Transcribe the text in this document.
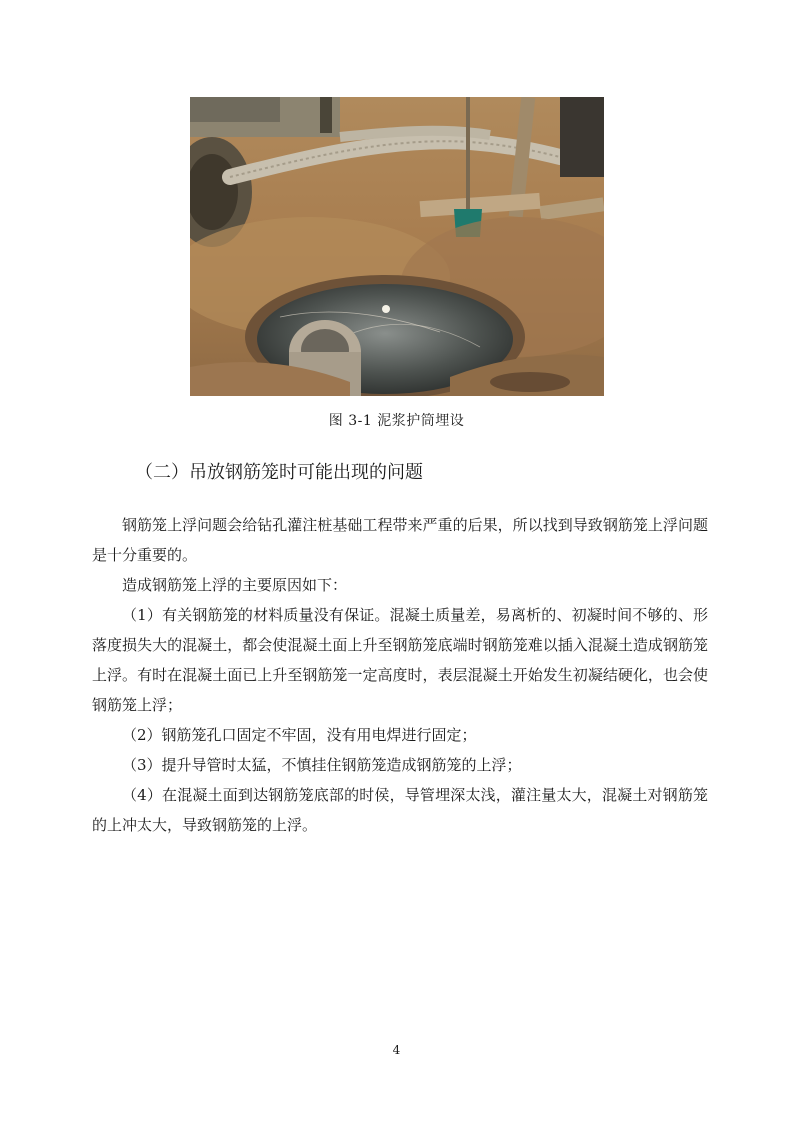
图 3-1 泥浆护筒埋设
（二）吊放钢筋笼时可能出现的问题

钢筋笼上浮问题会给钻孔灌注桩基础工程带来严重的后果，所以找到导致钢筋笼上浮问题是十分重要的。

造成钢筋笼上浮的主要原因如下：

（1）有关钢筋笼的材料质量没有保证。混凝土质量差，易离析的、初凝时间不够的、形落度损失大的混凝土，都会使混凝土面上升至钢筋笼底端时钢筋笼难以插入混凝土造成钢筋笼上浮。有时在混凝土面已上升至钢筋笼一定高度时，表层混凝土开始发生初凝结硬化，也会使钢筋笼上浮；

（2）钢筋笼孔口固定不牢固，没有用电焊进行固定；

（3）提升导管时太猛，不慎挂住钢筋笼造成钢筋笼的上浮；

（4）在混凝土面到达钢筋笼底部的时侯，导管埋深太浅，灌注量太大，混凝土对钢筋笼的上冲太大，导致钢筋笼的上浮。

4
